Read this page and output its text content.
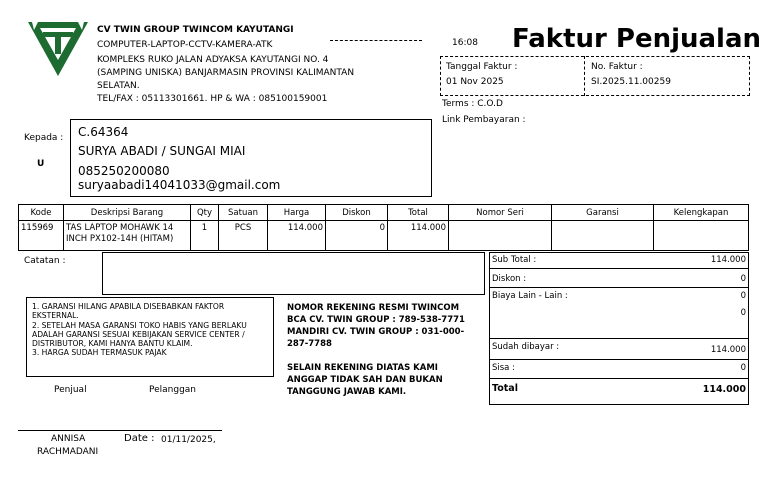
CV TWIN GROUP TWINCOM KAYUTANGI
COMPUTER-LAPTOP-CCTV-KAMERA-ATK
KOMPLEKS RUKO JALAN ADYAKSA KAYUTANGI NO. 4
(SAMPING UNISKA) BANJARMASIN PROVINSI KALIMANTAN
SELATAN.
TEL/FAX : 05113301661. HP & WA : 085100159001
16:08 Faktur Penjualan
Tanggal Faktur :
01 Nov 2025
No. Faktur :
SI.2025.11.00259
Terms : C.O.D
Link Pembayaran :
Kepada :
U
C.64364
SURYA ABADI / SUNGAI MIAI
085250200080
suryaabadi14041033@gmail.com
Kode	Deskripsi Barang	Qty	Satuan	Harga	Diskon	Total	Nomor Seri	Garansi	Kelengkapan
115969	TAS LAPTOP MOHAWK 14 INCH PX102-14H (HITAM)	1	PCS	114.000	0	114.000			
Catatan :
1. GARANSI HILANG APABILA DISEBABKAN FAKTOR EKSTERNAL.
2. SETELAH MASA GARANSI TOKO HABIS YANG BERLAKU ADALAH GARANSI SESUAI KEBIJAKAN SERVICE CENTER / DISTRIBUTOR, KAMI HANYA BANTU KLAIM.
3. HARGA SUDAH TERMASUK PAJAK
NOMOR REKENING RESMI TWINCOM BCA CV. TWIN GROUP : 789-538-7771 MANDIRI CV. TWIN GROUP : 031-000-287-7788
SELAIN REKENING DIATAS KAMI ANGGAP TIDAK SAH DAN BUKAN TANGGUNG JAWAB KAMI.
Sub Total :	114.000
Diskon :	0
Biaya Lain - Lain :	0
0
Sudah dibayar :	114.000
Sisa :	0
Total	114.000
Penjual	Pelanggan
ANNISA
RACHMADANI
Date : 01/11/2025,
